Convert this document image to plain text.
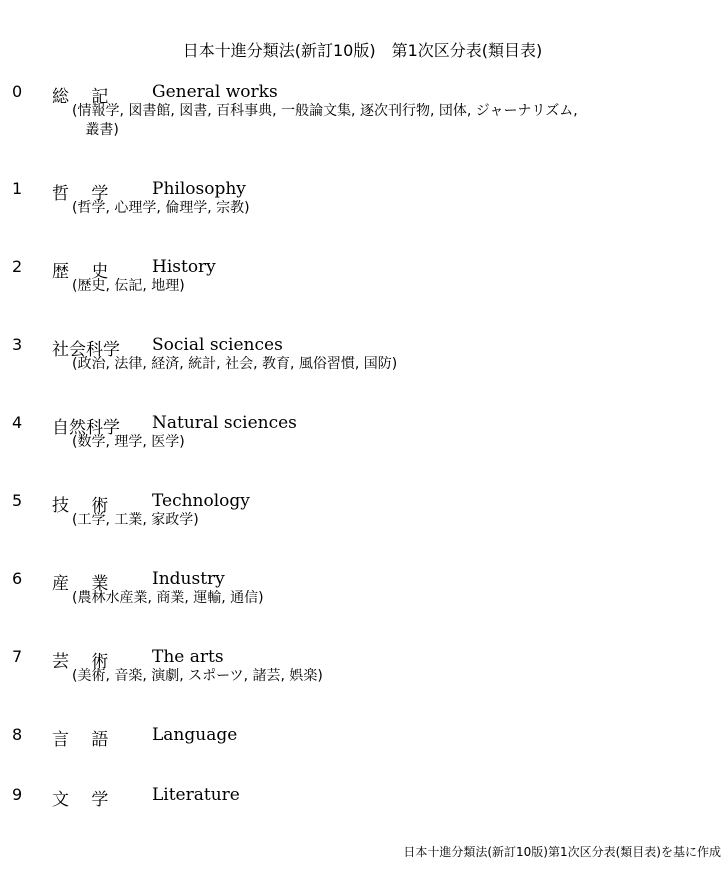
日本十進分類法(新訂10版)　第1次区分表(類目表)
0 総　 記	General works
(情報学, 図書館, 図書, 百科事典, 一般論文集, 逐次刊行物, 団体, ジャーナリズム,
叢書)
1 哲　 学	Philosophy
(哲学, 心理学, 倫理学, 宗教)
2 歴　 史	History
(歴史, 伝記, 地理)
3 社会科学 Social sciences
(政治, 法律, 経済, 統計, 社会, 教育, 風俗習慣, 国防)
4 自然科学 Natural sciences
(数学, 理学, 医学)
5 技　 術	Technology
(工学, 工業, 家政学)
6 産　 業	Industry
(農林水産業, 商業, 運輸, 通信)
7 芸　 術	The arts
(美術, 音楽, 演劇, スポーツ, 諸芸, 娯楽)
8 言　 語	Language
9 文　 学	Literature
日本十進分類法(新訂10版)第1次区分表(類目表)を基に作成
